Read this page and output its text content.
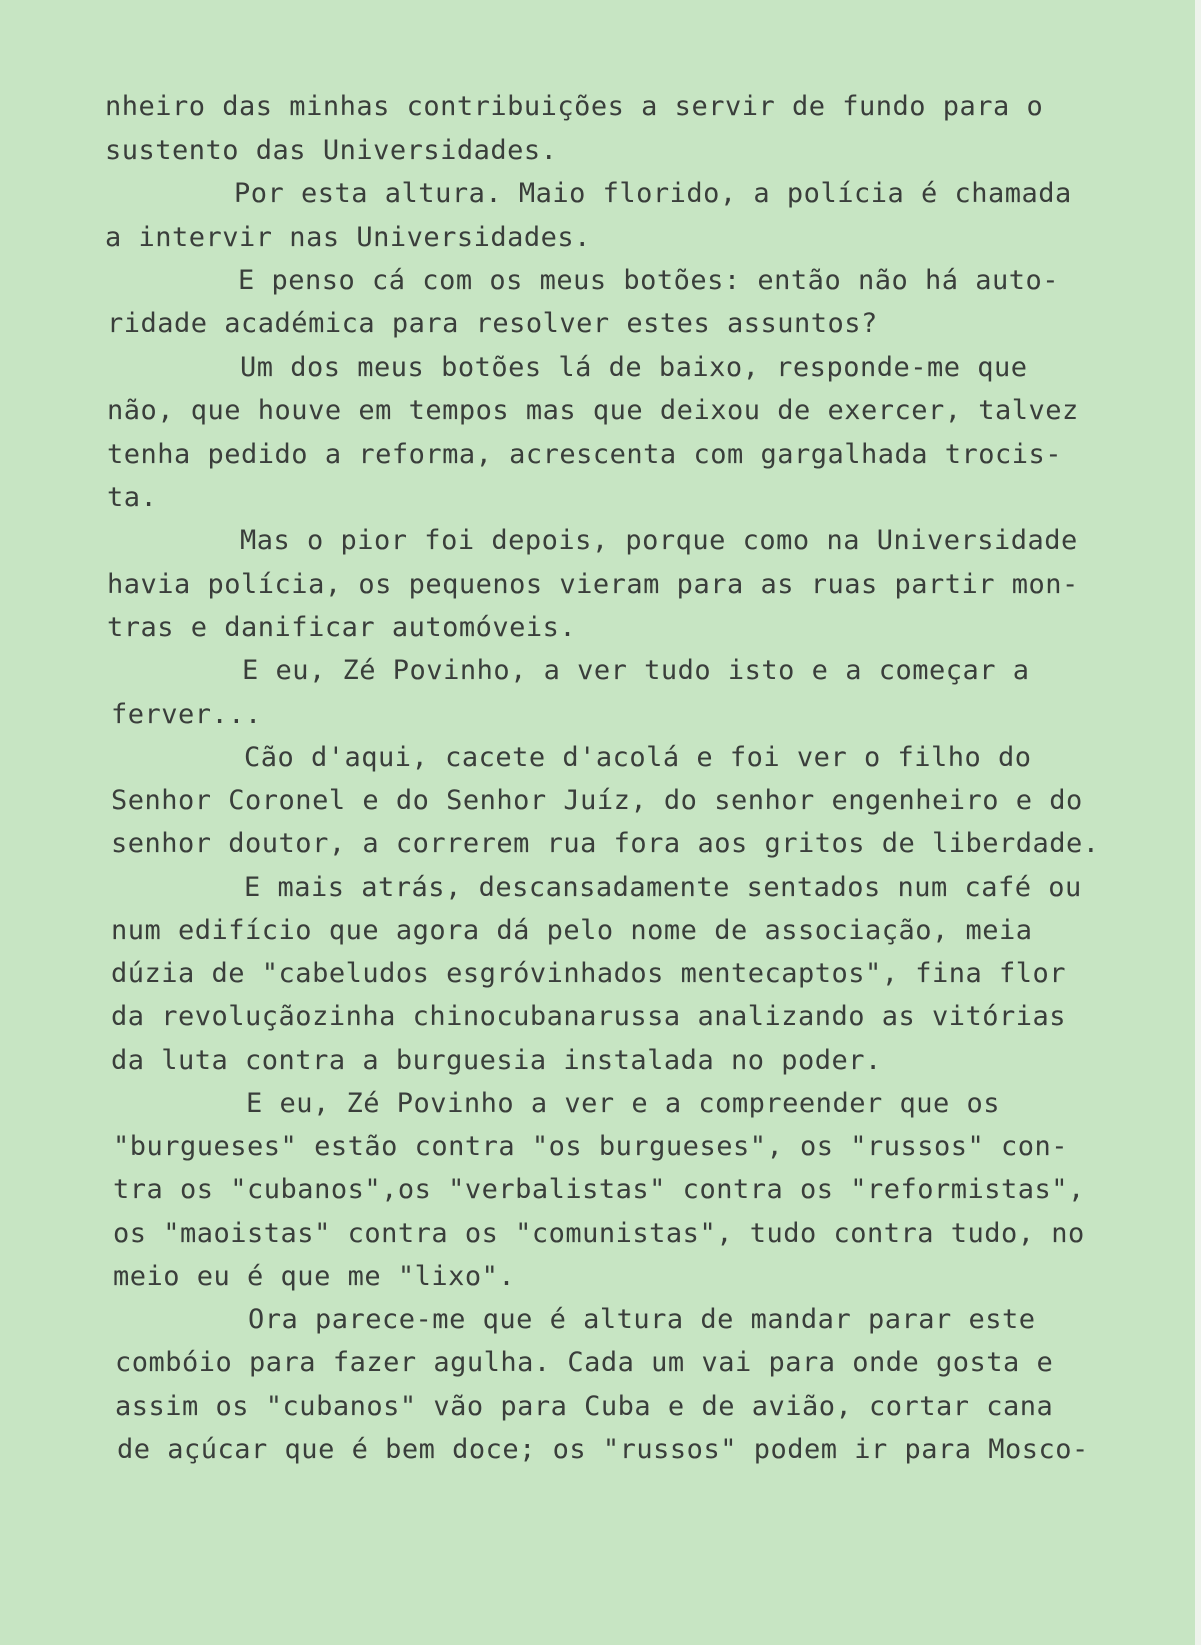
nheiro das minhas contribuições a servir de fundo para o

sustento das Universidades.

Por esta altura. Maio florido, a polícia é chamada

a intervir nas Universidades.

E penso cá com os meus botões: então não há auto-

ridade académica para resolver estes assuntos?

Um dos meus botões lá de baixo, responde-me que

não, que houve em tempos mas que deixou de exercer, talvez

tenha pedido a reforma, acrescenta com gargalhada trocis-

ta.

Mas o pior foi depois, porque como na Universidade

havia polícia, os pequenos vieram para as ruas partir mon-

tras e danificar automóveis.

E eu, Zé Povinho, a ver tudo isto e a começar a

ferver...

Cão d'aqui, cacete d'acolá e foi ver o filho do

Senhor Coronel e do Senhor Juíz, do senhor engenheiro e do

senhor doutor, a correrem rua fora aos gritos de liberdade.

E mais atrás, descansadamente sentados num café ou

num edifício que agora dá pelo nome de associação, meia

dúzia de "cabeludos esgróvinhados mentecaptos", fina flor

da revoluçãozinha chinocubanarussa analizando as vitórias

da luta contra a burguesia instalada no poder.

E eu, Zé Povinho a ver e a compreender que os

"burgueses" estão contra "os burgueses", os "russos" con-

tra os "cubanos",os "verbalistas" contra os "reformistas",

os "maoistas" contra os "comunistas", tudo contra tudo, no

meio eu é que me "lixo".

Ora parece-me que é altura de mandar parar este

combóio para fazer agulha. Cada um vai para onde gosta e

assim os "cubanos" vão para Cuba e de avião, cortar cana

de açúcar que é bem doce; os "russos" podem ir para Mosco-
